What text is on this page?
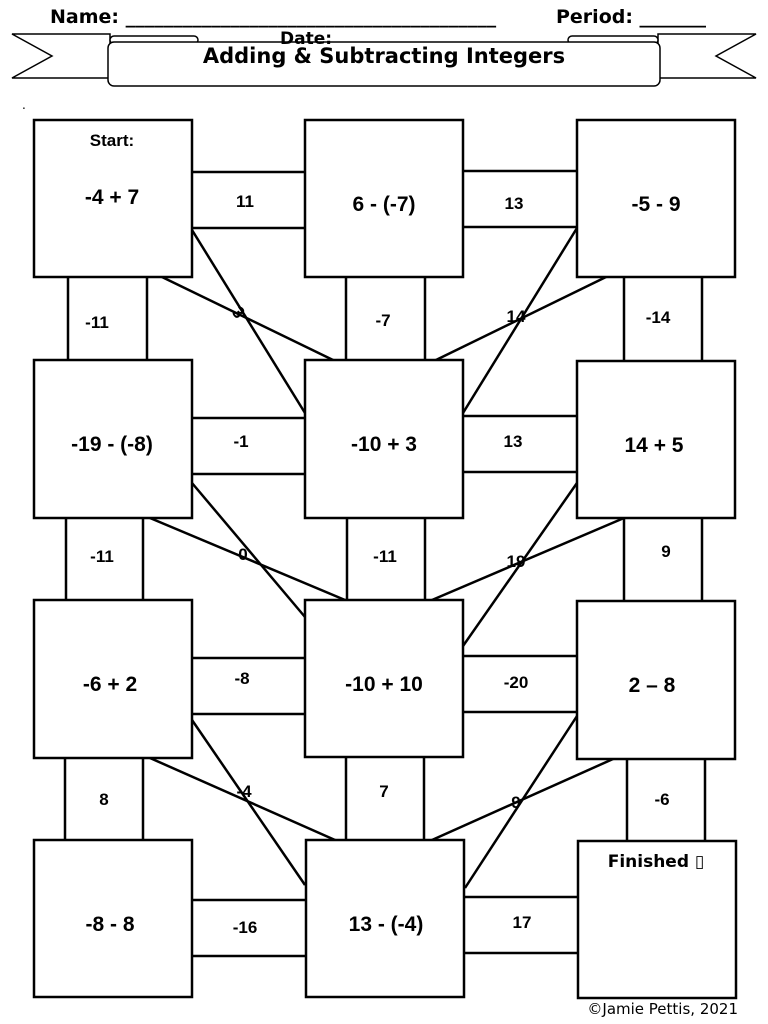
Name: _______________________________________	Period: _______
Date:
Adding & Subtracting Integers
.
Start:
-4 + 7	6 - (-7)	-5 - 9
-19 - (-8)	-10 + 3	14 + 5
-6 + 2	-10 + 10	2 – 8
-8 - 8	13 - (-4)
Finished ▯
11	13
-11
3	-7	14	-14
-1	13
-11	0	-11	19
9
-8	-20
8	-4	7
9	-6
-16	17
©Jamie Pettis, 2021
